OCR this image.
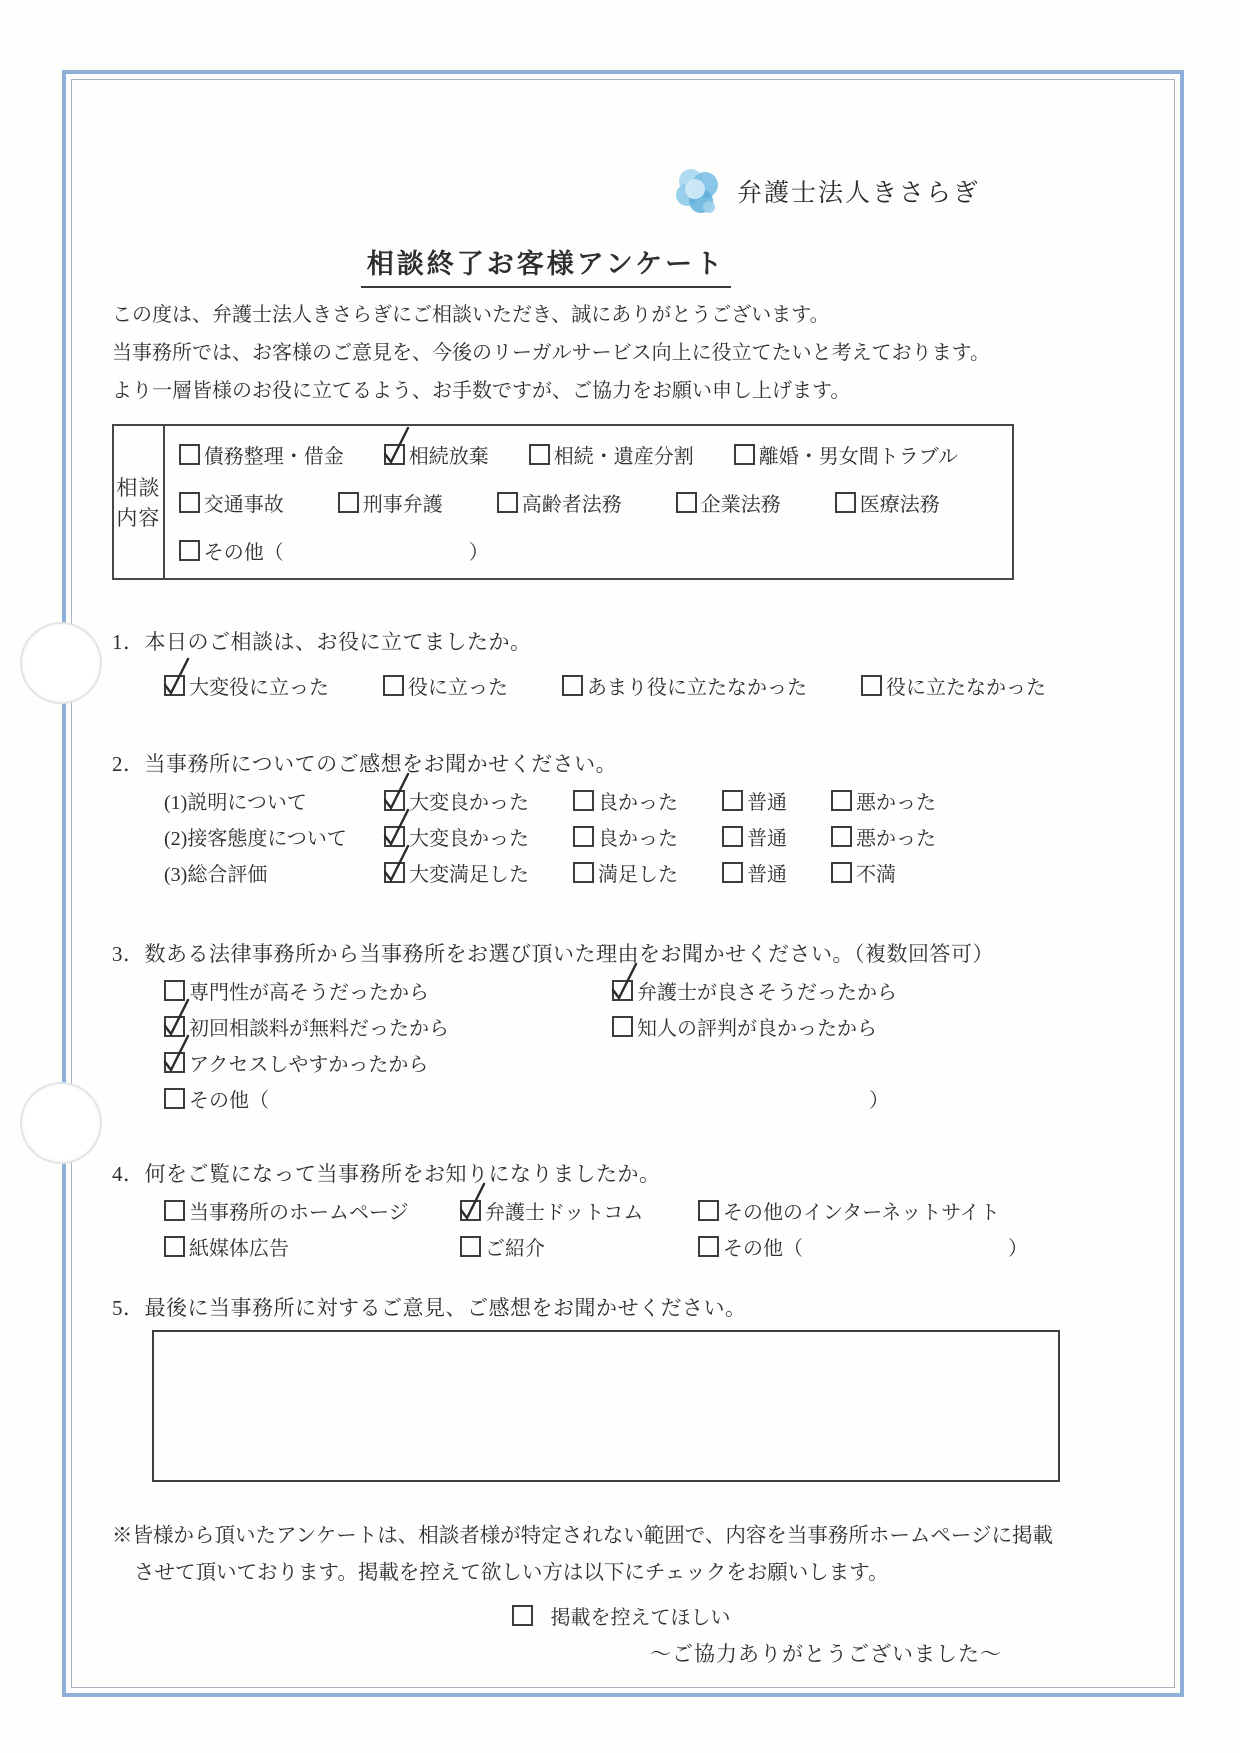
弁護士法人きさらぎ
相談終了お客様アンケート

この度は、弁護士法人きさらぎにご相談いただき、誠にありがとうございます。

当事務所では、お客様のご意見を、今後のリーガルサービス向上に役立てたいと考えております。

より一層皆様のお役に立てるよう、お手数ですが、ご協力をお願い申し上げます。

相談内容	
債務整理・借金	相続放棄	相続・遺産分割	離婚・男女間トラブル
交通事故	刑事弁護	高齢者法務	企業法務	医療法務
その他（	）
1．本日のご相談は、お役に立てましたか。
大変役に立った	役に立った	あまり役に立たなかった	役に立たなかった
2．当事務所についてのご感想をお聞かせください。
(1)説明について	大変良かった	良かった	普通	悪かった
(2)接客態度について	大変良かった	良かった	普通	悪かった
(3)総合評価	大変満足した	満足した	普通	不満
3．数ある法律事務所から当事務所をお選び頂いた理由をお聞かせください。（複数回答可）
専門性が高そうだったから	弁護士が良さそうだったから
初回相談料が無料だったから	知人の評判が良かったから
アクセスしやすかったから
その他（	）
4．何をご覧になって当事務所をお知りになりましたか。
当事務所のホームページ	弁護士ドットコム	その他のインターネットサイト
紙媒体広告	ご紹介	その他（	）
5．最後に当事務所に対するご意見、ご感想をお聞かせください。
※皆様から頂いたアンケートは、相談者様が特定されない範囲で、内容を当事務所ホームページに掲載
させて頂いております。掲載を控えて欲しい方は以下にチェックをお願いします。
掲載を控えてほしい
～ご協力ありがとうございました～
